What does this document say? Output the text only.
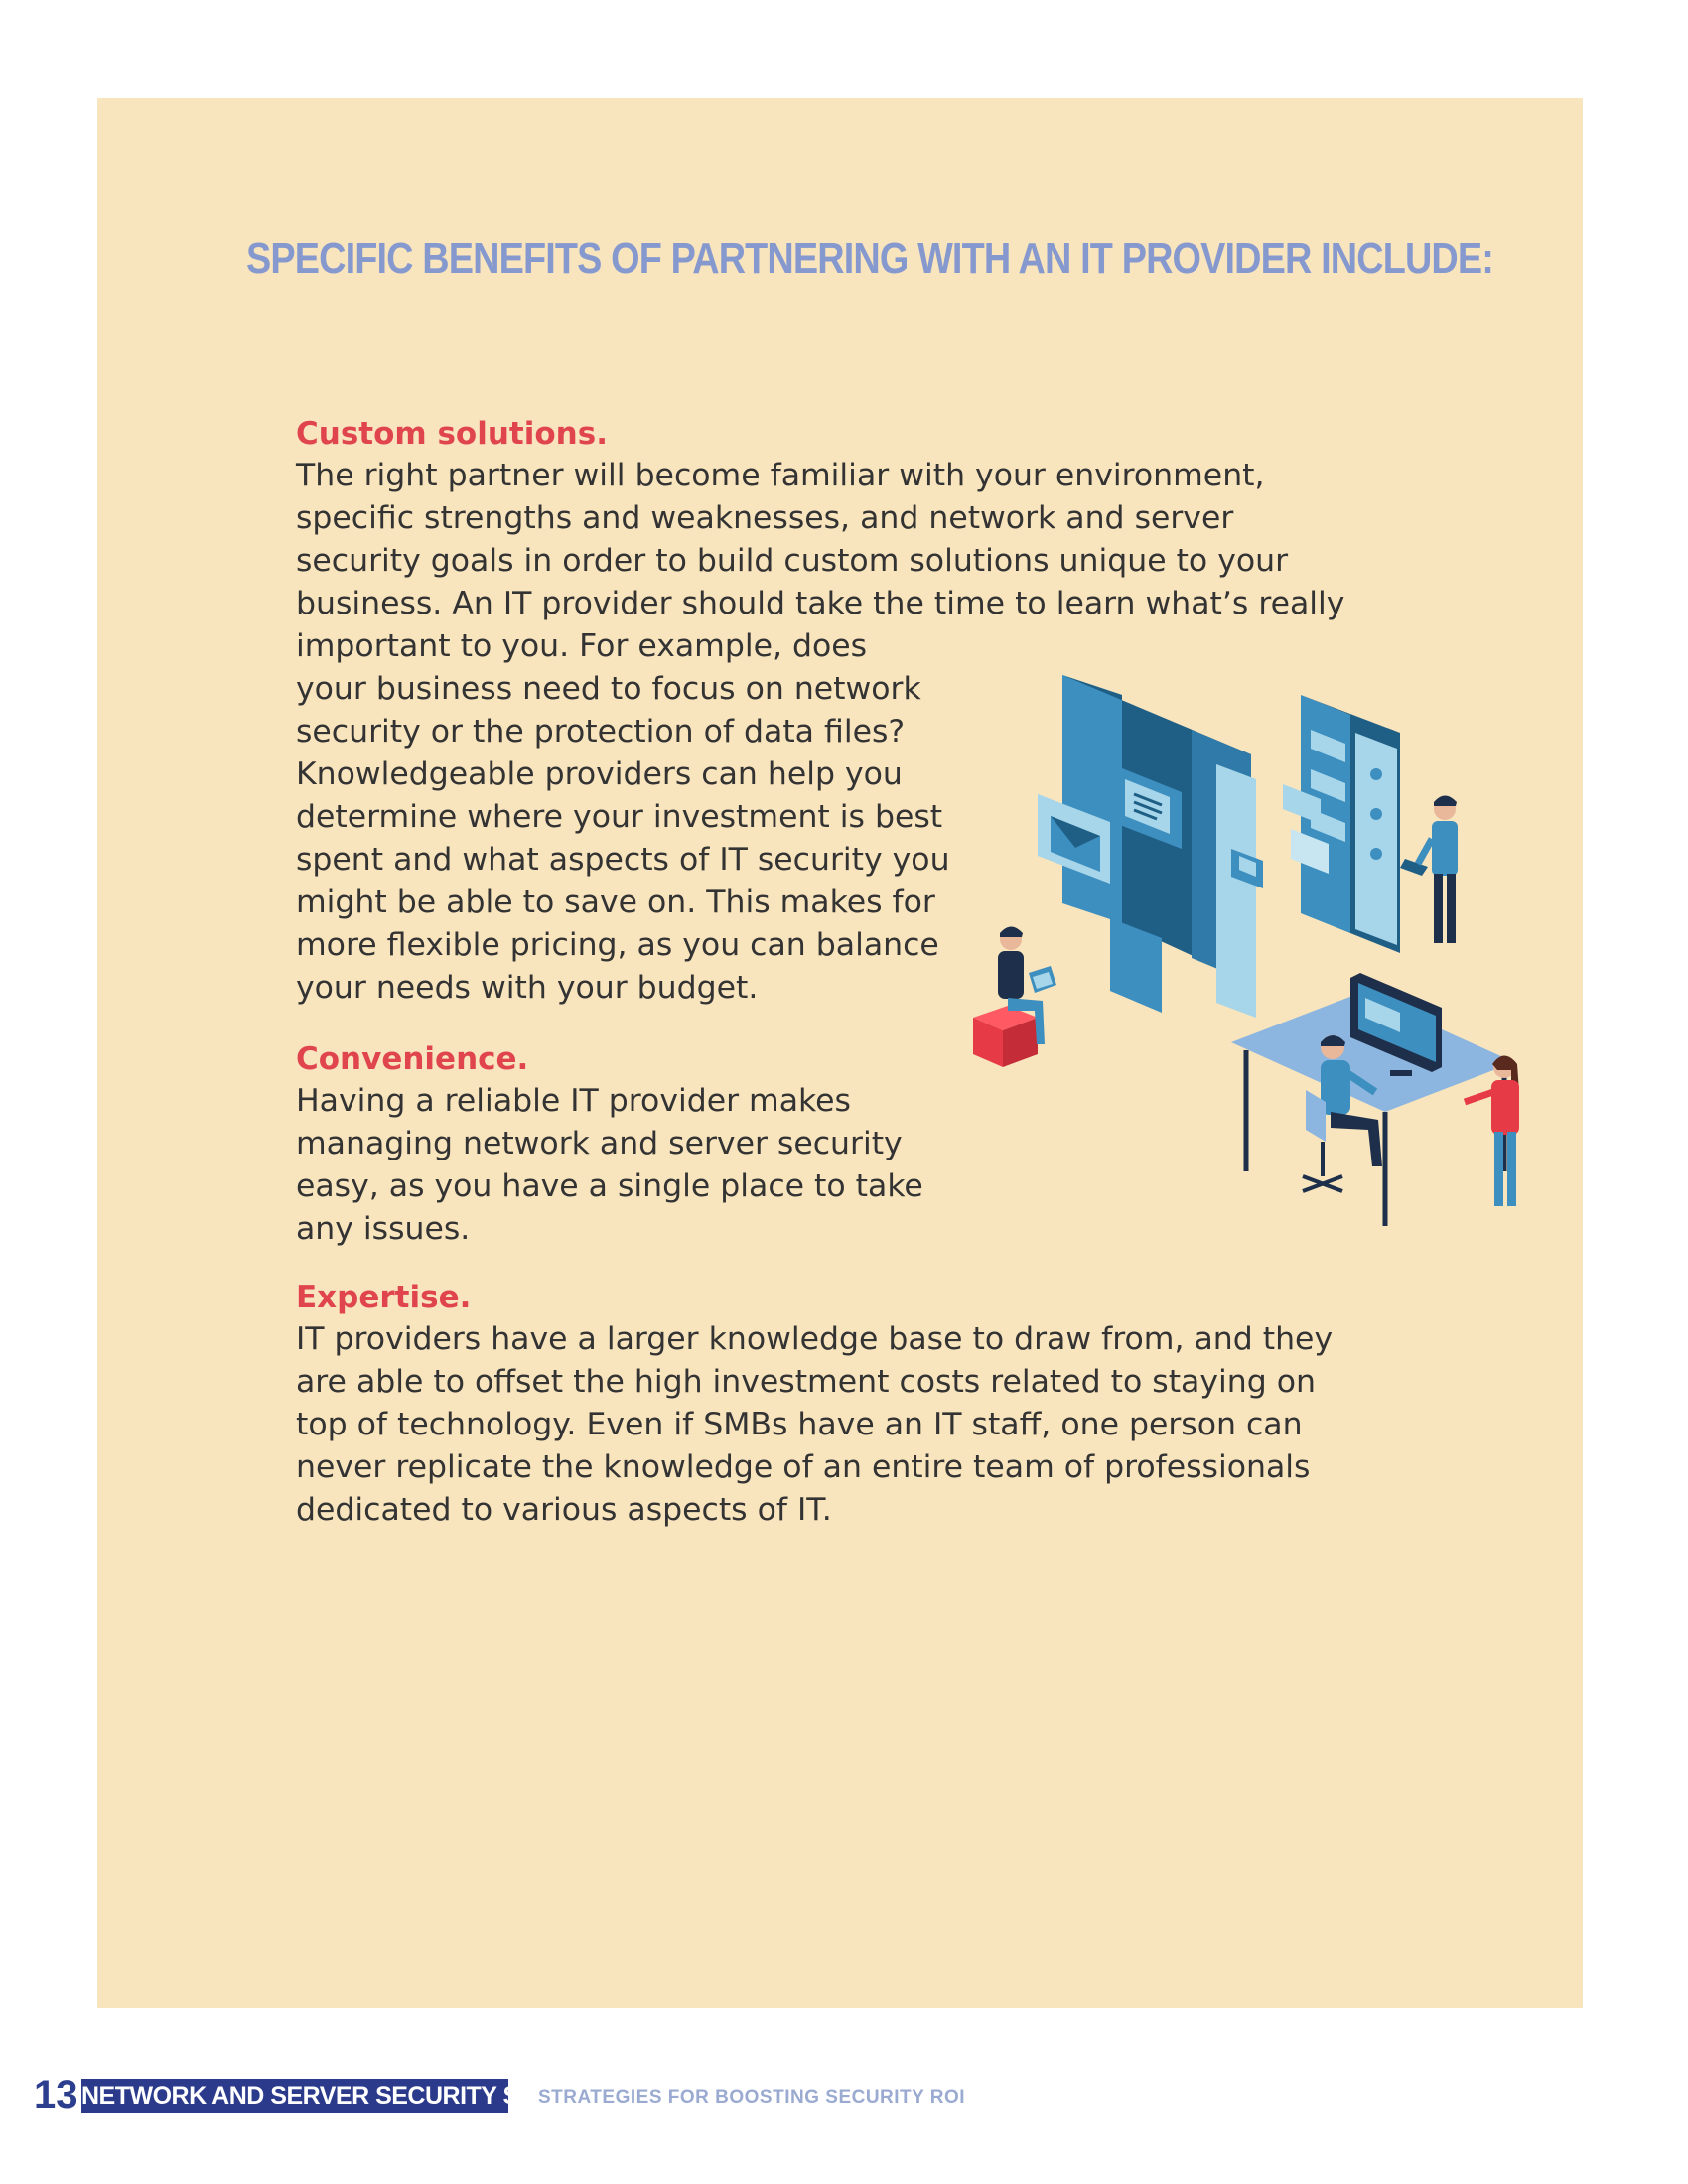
SPECIFIC BENEFITS OF PARTNERING WITH AN IT PROVIDER INCLUDE:
Custom solutions.

The right partner will become familiar with your environment,
specific strengths and weaknesses, and network and server
security goals in order to build custom solutions unique to your
business. An IT provider should take the time to learn what’s really
important to you. For example, does
your business need to focus on network
security or the protection of data files?
Knowledgeable providers can help you
determine where your investment is best
spent and what aspects of IT security you
might be able to save on. This makes for
more flexible pricing, as you can balance
your needs with your budget.

Convenience.

Having a reliable IT provider makes
managing network and server security
easy, as you have a single place to take
any issues.

Expertise.

IT providers have a larger knowledge base to draw from, and they
are able to offset the high investment costs related to staying on
top of technology. Even if SMBs have an IT staff, one person can
never replicate the knowledge of an entire team of professionals
dedicated to various aspects of IT.

13 NETWORK AND SERVER SECURITY SOLUTIONS
STRATEGIES FOR BOOSTING SECURITY ROI
